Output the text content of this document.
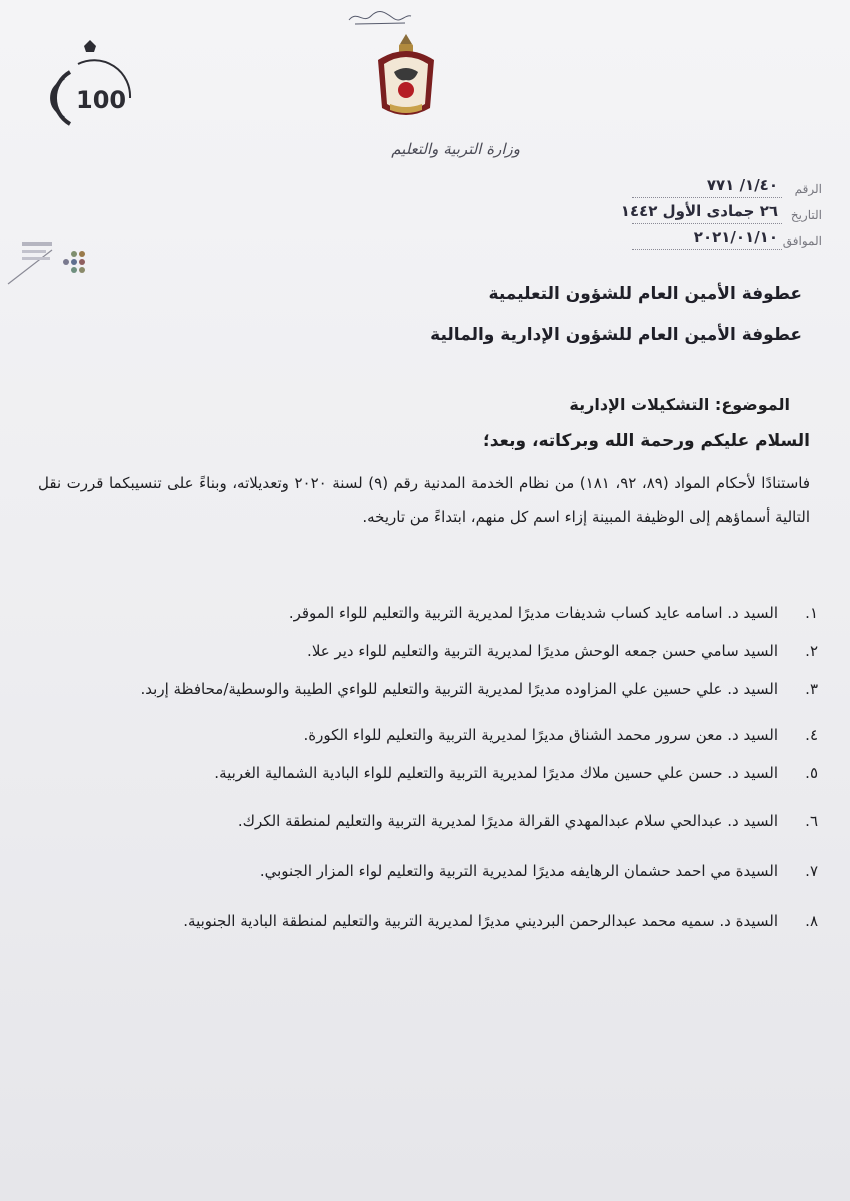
وزارة التربية والتعليم
100
الرقم
١/٤٠/ ٧٧١
التاريخ
٢٦ جمادى الأول ١٤٤٢
الموافق
٢٠٢١/٠١/١٠
عطوفة الأمين العام للشؤون التعليمية
عطوفة الأمين العام للشؤون الإدارية والمالية
الموضوع: التشكيلات الإدارية
السلام عليكم ورحمة الله وبركاته، وبعد؛
فاستنادًا لأحكام المواد (٨٩، ٩٢، ١٨١) من نظام الخدمة المدنية رقم (٩) لسنة ٢٠٢٠ وتعديلاته، وبناءً على تنسيبكما قررت نقل التالية أسماؤهم إلى الوظيفة المبينة إزاء اسم كل منهم، ابتداءً من تاريخه.
١.
السيد د. اسامه عايد كساب شديفات مديرًا لمديرية التربية والتعليم للواء الموقر.
٢.
السيد سامي حسن جمعه الوحش مديرًا لمديرية التربية والتعليم للواء دير علا.
٣.
السيد د. علي حسين علي المزاوده مديرًا لمديرية التربية والتعليم للواءي الطيبة والوسطية/محافظة إربد.
٤.
السيد د. معن سرور محمد الشناق مديرًا لمديرية التربية والتعليم للواء الكورة.
٥.
السيد د. حسن علي حسين ملاك مديرًا لمديرية التربية والتعليم للواء البادية الشمالية الغربية.
٦.
السيد د. عبدالحي سلام عبدالمهدي القرالة مديرًا لمديرية التربية والتعليم لمنطقة الكرك.
٧.
السيدة مي احمد حشمان الرهايفه مديرًا لمديرية التربية والتعليم لواء المزار الجنوبي.
٨.
السيدة د. سميه محمد عبدالرحمن البرديني مديرًا لمديرية التربية والتعليم لمنطقة البادية الجنوبية.
